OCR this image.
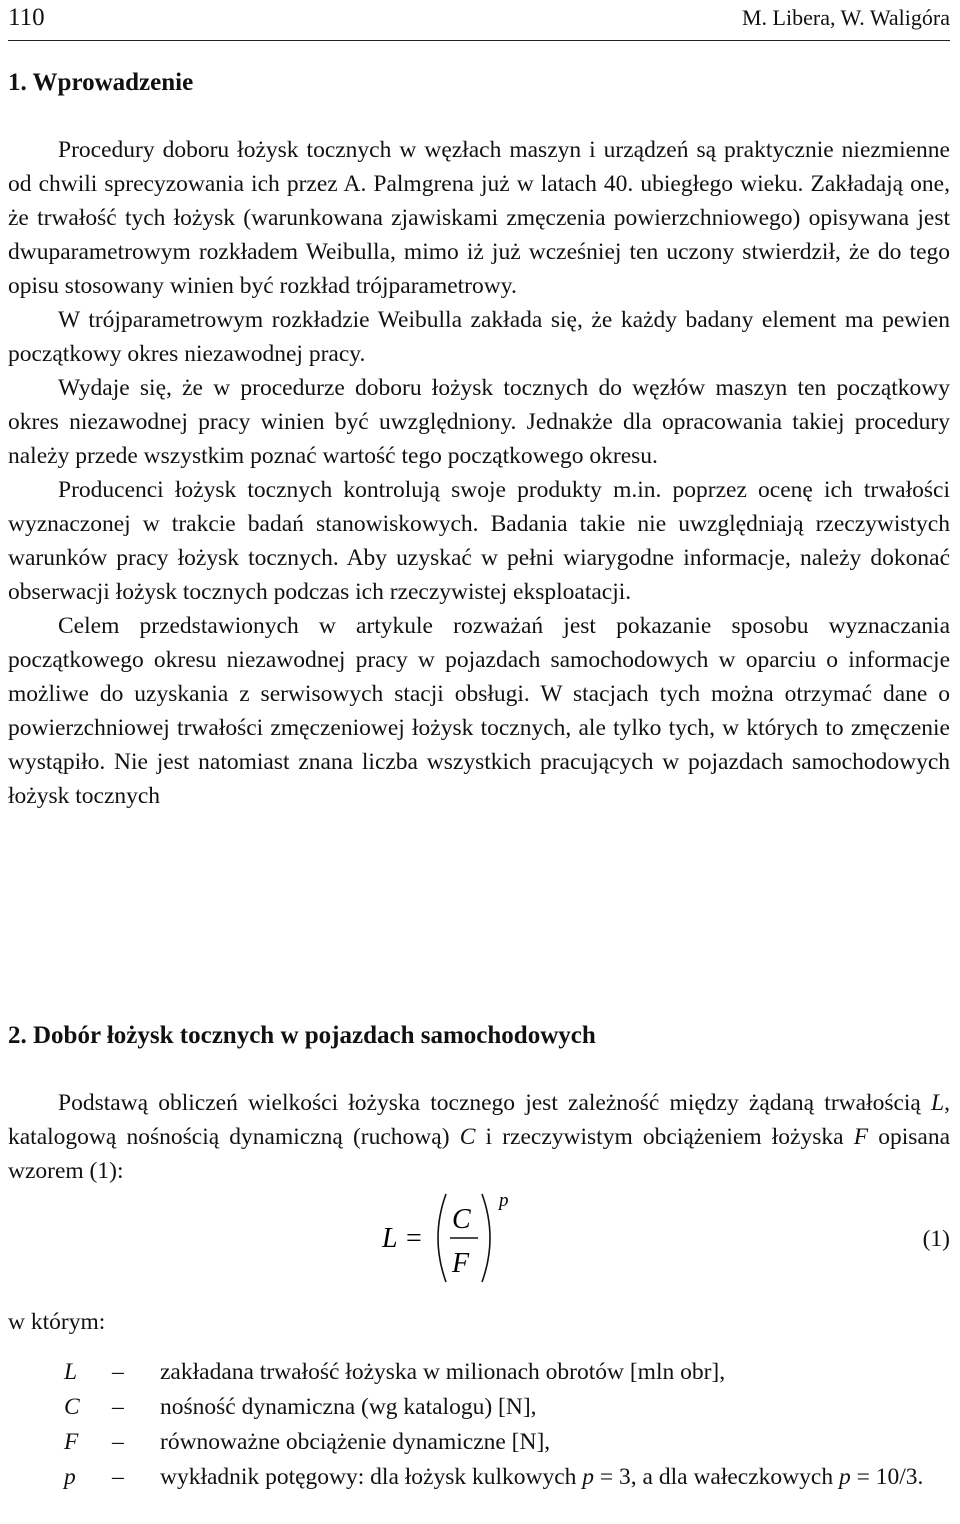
110	M. Libera, W. Waligóra
1. Wprowadzenie

Procedury doboru łożysk tocznych w węzłach maszyn i urządzeń są praktycznie niezmienne od chwili sprecyzowania ich przez A. Palmgrena już w latach 40. ubiegłego wieku. Zakładają one, że trwałość tych łożysk (warunkowana zjawiskami zmęczenia powierzchniowego) opisywana jest dwuparametrowym rozkładem Weibulla, mimo iż już wcześniej ten uczony stwierdził, że do tego opisu stosowany winien być rozkład trójparametrowy.

W trójparametrowym rozkładzie Weibulla zakłada się, że każdy badany element ma pewien początkowy okres niezawodnej pracy.

Wydaje się, że w procedurze doboru łożysk tocznych do węzłów maszyn ten początkowy okres niezawodnej pracy winien być uwzględniony. Jednakże dla opracowania takiej procedury należy przede wszystkim poznać wartość tego początkowego okresu.

Producenci łożysk tocznych kontrolują swoje produkty m.in. poprzez ocenę ich trwałości wyznaczonej w trakcie badań stanowiskowych. Badania takie nie uwzględniają rzeczywistych warunków pracy łożysk tocznych. Aby uzyskać w pełni wiarygodne informacje, należy dokonać obserwacji łożysk tocznych podczas ich rzeczywistej eksploatacji.

Celem przedstawionych w artykule rozważań jest pokazanie sposobu wyznaczania początkowego okresu niezawodnej pracy w pojazdach samochodowych w oparciu o informacje możliwe do uzyskania z serwisowych stacji obsługi. W stacjach tych można otrzymać dane o powierzchniowej trwałości zmęczeniowej łożysk tocznych, ale tylko tych, w których to zmęczenie wystąpiło. Nie jest natomiast znana liczba wszystkich pracujących w pojazdach samochodowych łożysk tocznych

2. Dobór łożysk tocznych w pojazdach samochodowych

Podstawą obliczeń wielkości łożyska tocznego jest zależność między żądaną trwałością L, katalogową nośnością dynamiczną (ruchową) C i rzeczywistym obciążeniem łożyska F opisana wzorem (1):

L =
C
F
p
(1)
w którym:
L	–	zakładana trwałość łożyska w milionach obrotów [mln obr],
C	–	nośność dynamiczna (wg katalogu) [N],
F	–	równoważne obciążenie dynamiczne [N],
p	–	wykładnik potęgowy: dla łożysk kulkowych p = 3, a dla wałeczkowych p = 10/3.
